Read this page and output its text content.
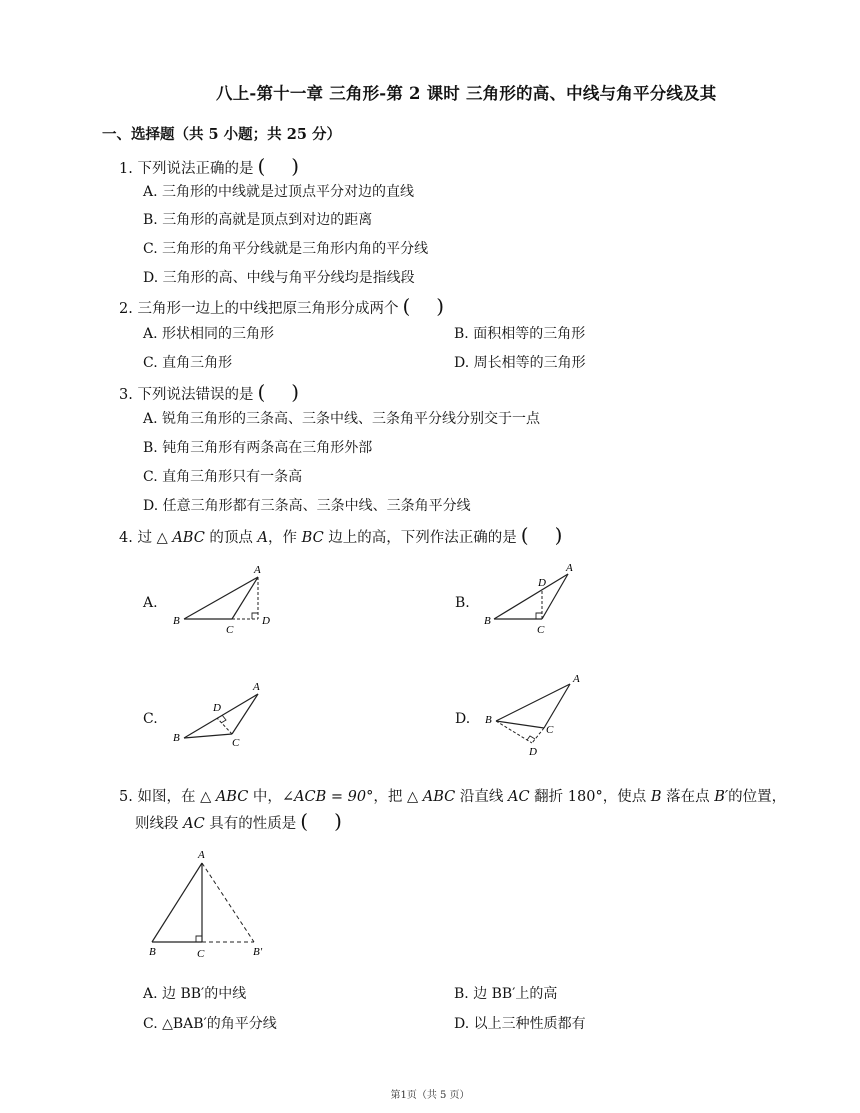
八上-第十一章 三角形-第 2 课时 三角形的高、中线与角平分线及其
一、选择题（共 5 小题；共 25 分）
1. 下列说法正确的是 ( )
A. 三角形的中线就是过顶点平分对边的直线
B. 三角形的高就是顶点到对边的距离
C. 三角形的角平分线就是三角形内角的平分线
D. 三角形的高、中线与角平分线均是指线段
2. 三角形一边上的中线把原三角形分成两个 ( )
A. 形状相同的三角形	B. 面积相等的三角形
C. 直角三角形	D. 周长相等的三角形
3. 下列说法错误的是 ( )
A. 锐角三角形的三条高、三条中线、三条角平分线分别交于一点
B. 钝角三角形有两条高在三角形外部
C. 直角三角形只有一条高
D. 任意三角形都有三条高、三条中线、三条角平分线
4. 过 △ ABC 的顶点 A，作 BC 边上的高，下列作法正确的是 ( )
A.	B.
C.	D.
A
B
C
D
A
D
B
C
A
D
B	C
A
B
C
D
5. 如图，在 △ ABC 中，∠ACB = 90°，把 △ ABC 沿直线 AC 翻折 180°，使点 B 落在点 B′的位置，
则线段 AC 具有的性质是 ( )
A
B	C	B′
A. 边 BB′的中线	B. 边 BB′上的高
C. △BAB′的角平分线	D. 以上三种性质都有
第1页（共 5 页）
